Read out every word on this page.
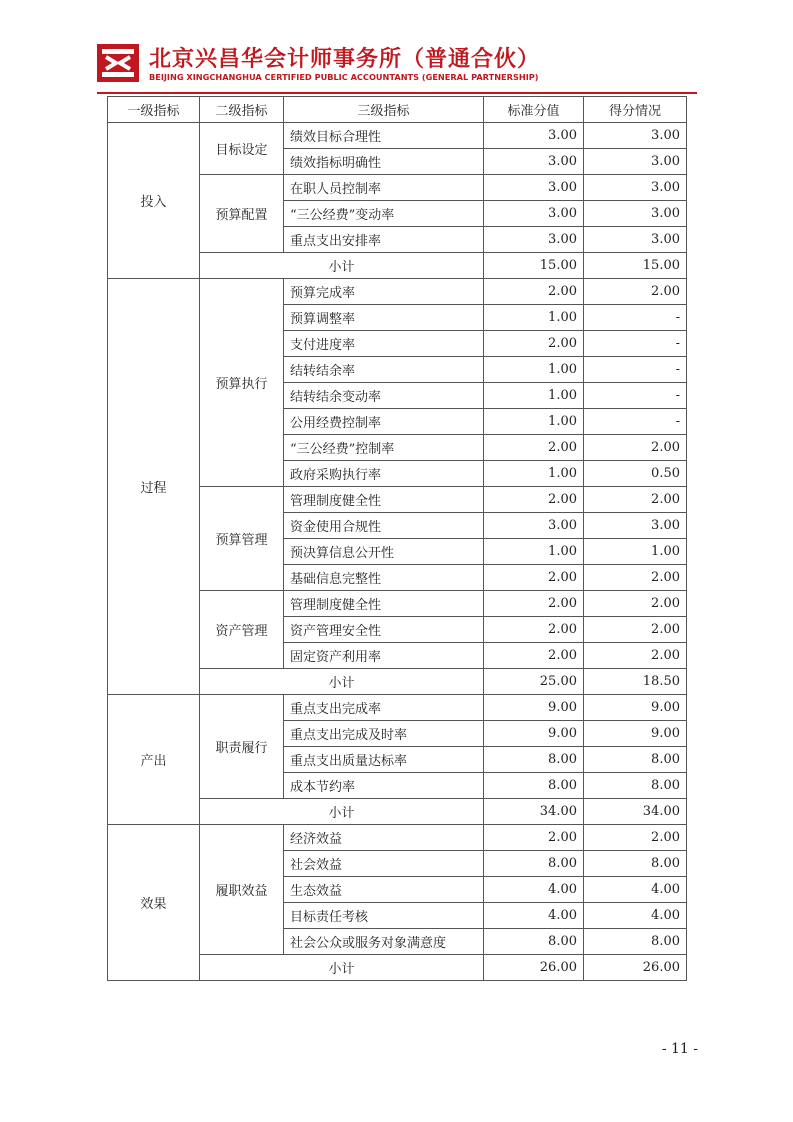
北京兴昌华会计师事务所（普通合伙）
BEIJING XINGCHANGHUA CERTIFIED PUBLIC ACCOUNTANTS (GENERAL PARTNERSHIP)
一级指标	二级指标	三级指标	标准分值	得分情况
投入	目标设定	绩效目标合理性	3.00	3.00
		绩效指标明确性	3.00	3.00
	预算配置	在职人员控制率	3.00	3.00
		“三公经费”变动率	3.00	3.00
		重点支出安排率	3.00	3.00
	小计		15.00	15.00
过程	预算执行	预算完成率	2.00	2.00
		预算调整率	1.00	-
		支付进度率	2.00	-
		结转结余率	1.00	-
		结转结余变动率	1.00	-
		公用经费控制率	1.00	-
		“三公经费”控制率	2.00	2.00
		政府采购执行率	1.00	0.50
	预算管理	管理制度健全性	2.00	2.00
		资金使用合规性	3.00	3.00
		预决算信息公开性	1.00	1.00
		基础信息完整性	2.00	2.00
	资产管理	管理制度健全性	2.00	2.00
		资产管理安全性	2.00	2.00
		固定资产利用率	2.00	2.00
	小计		25.00	18.50
产出	职责履行	重点支出完成率	9.00	9.00
		重点支出完成及时率	9.00	9.00
		重点支出质量达标率	8.00	8.00
		成本节约率	8.00	8.00
	小计		34.00	34.00
效果	履职效益	经济效益	2.00	2.00
		社会效益	8.00	8.00
		生态效益	4.00	4.00
		目标责任考核	4.00	4.00
		社会公众或服务对象满意度	8.00	8.00
	小计		26.00	26.00
- 11 -
